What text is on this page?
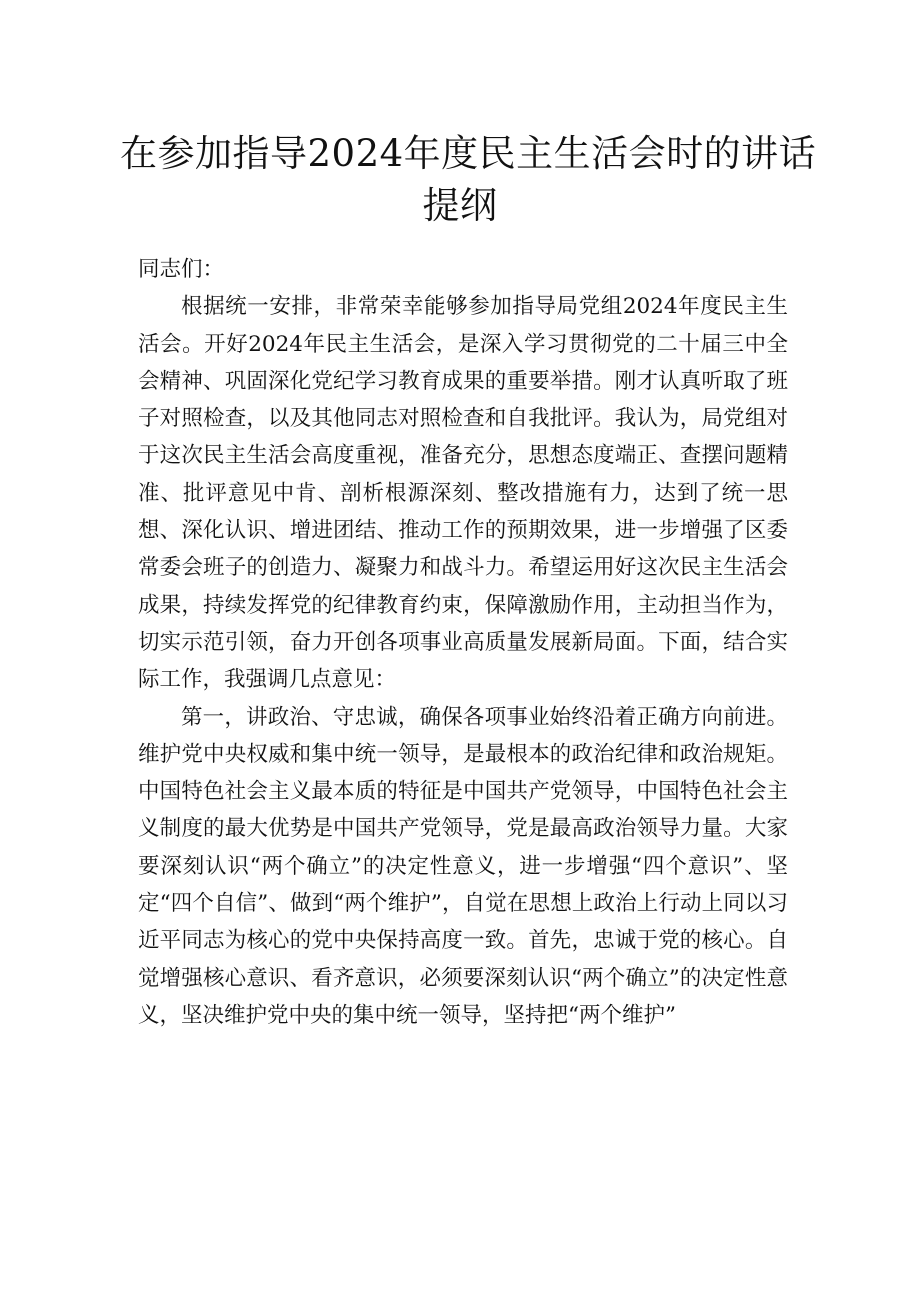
在参加指导2024年度民主生活会时的讲话
提纲

同志们：

根据统一安排，非常荣幸能够参加指导局党组2024年度民主生活会。开好2024年民主生活会，是深入学习贯彻党的二十届三中全会精神、巩固深化党纪学习教育成果的重要举措。刚才认真听取了班子对照检查，以及其他同志对照检查和自我批评。我认为，局党组对于这次民主生活会高度重视，准备充分，思想态度端正、查摆问题精准、批评意见中肯、剖析根源深刻、整改措施有力，达到了统一思想、深化认识、增进团结、推动工作的预期效果，进一步增强了区委常委会班子的创造力、凝聚力和战斗力。希望运用好这次民主生活会成果，持续发挥党的纪律教育约束，保障激励作用，主动担当作为，切实示范引领，奋力开创各项事业高质量发展新局面。下面，结合实际工作，我强调几点意见：

第一，讲政治、守忠诚，确保各项事业始终沿着正确方向前进。维护党中央权威和集中统一领导，是最根本的政治纪律和政治规矩。中国特色社会主义最本质的特征是中国共产党领导，中国特色社会主义制度的最大优势是中国共产党领导，党是最高政治领导力量。大家要深刻认识“两个确立”的决定性意义，进一步增强“四个意识”、坚定“四个自信”、做到“两个维护”，自觉在思想上政治上行动上同以习近平同志为核心的党中央保持高度一致。首先，忠诚于党的核心。自觉增强核心意识、看齐意识，必须要深刻认识“两个确立”的决定性意义，坚决维护党中央的集中统一领导，坚持把“两个维护”
